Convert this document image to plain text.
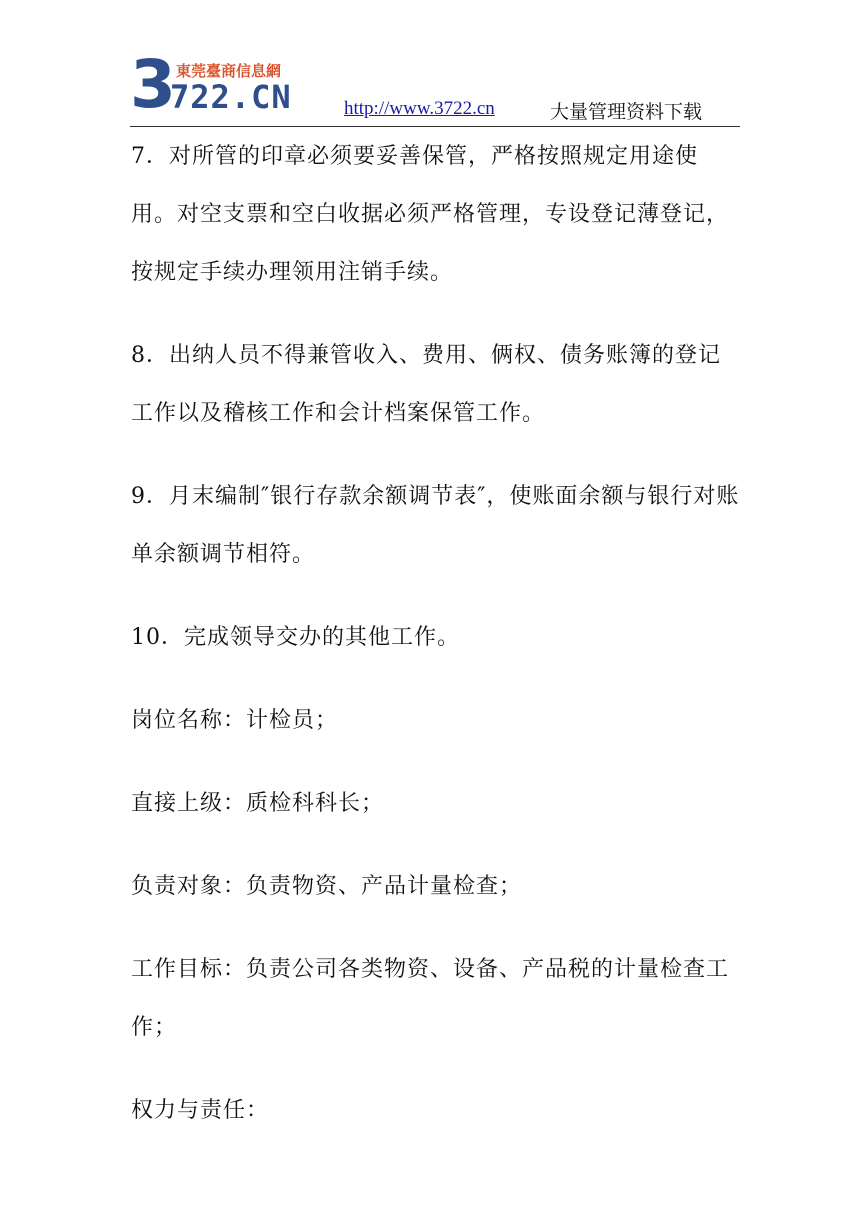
3 東莞臺商信息網
722.CN	http://www.3722.cn	大量管理资料下载

7．对所管的印章必须要妥善保管，严格按照规定用途使用。对空支票和空白收据必须严格管理，专设登记薄登记，按规定手续办理领用注销手续。

8．出纳人员不得兼管收入、费用、俩权、债务账簿的登记工作以及稽核工作和会计档案保管工作。

9．月末编制″银行存款余额调节表″，使账面余额与银行对账单余额调节相符。

10．完成领导交办的其他工作。

岗位名称：计检员；

直接上级：质检科科长；

负责对象：负责物资、产品计量检查；

工作目标：负责公司各类物资、设备、产品税的计量检查工作；

权力与责任：
